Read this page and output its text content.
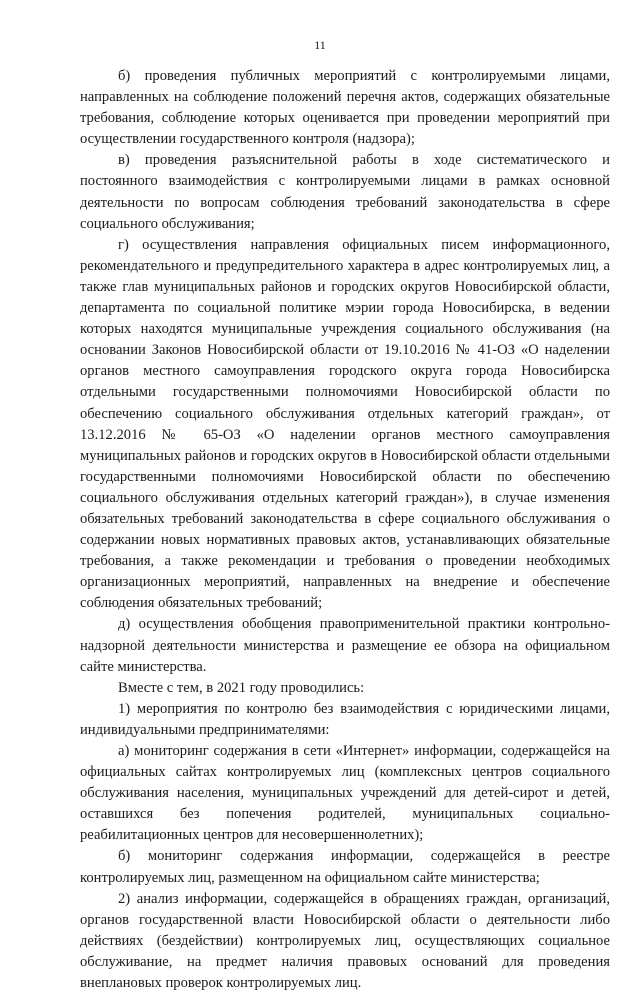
11

б) проведения публичных мероприятий с контролируемыми лицами, направленных на соблюдение положений перечня актов, содержащих обязательные требования, соблюдение которых оценивается при проведении мероприятий при осуществлении государственного контроля (надзора);

в) проведения разъяснительной работы в ходе систематического и постоянного взаимодействия с контролируемыми лицами в рамках основной деятельности по вопросам соблюдения требований законодательства в сфере социального обслуживания;

г) осуществления направления официальных писем информационного, рекомендательного и предупредительного характера в адрес контролируемых лиц, а также глав муниципальных районов и городских округов Новосибирской области, департамента по социальной политике мэрии города Новосибирска, в ведении которых находятся муниципальные учреждения социального обслуживания (на основании Законов Новосибирской области от 19.10.2016 № 41-ОЗ «О наделении органов местного самоуправления городского округа города Новосибирска отдельными государственными полномочиями Новосибирской области по обеспечению социального обслуживания отдельных категорий граждан», от 13.12.2016 № 65-ОЗ «О наделении органов местного самоуправления муниципальных районов и городских округов в Новосибирской области отдельными государственными полномочиями Новосибирской области по обеспечению социального обслуживания отдельных категорий граждан»), в случае изменения обязательных требований законодательства в сфере социального обслуживания о содержании новых нормативных правовых актов, устанавливающих обязательные требования, а также рекомендации и требования о проведении необходимых организационных мероприятий, направленных на внедрение и обеспечение соблюдения обязательных требований;

д) осуществления обобщения правоприменительной практики контрольно-надзорной деятельности министерства и размещение ее обзора на официальном сайте министерства.

Вместе с тем, в 2021 году проводились:

1) мероприятия по контролю без взаимодействия с юридическими лицами, индивидуальными предпринимателями:

а) мониторинг содержания в сети «Интернет» информации, содержащейся на официальных сайтах контролируемых лиц (комплексных центров социального обслуживания населения, муниципальных учреждений для детей-сирот и детей, оставшихся без попечения родителей, муниципальных социально-реабилитационных центров для несовершеннолетних);

б) мониторинг содержания информации, содержащейся в реестре контролируемых лиц, размещенном на официальном сайте министерства;

2) анализ информации, содержащейся в обращениях граждан, организаций, органов государственной власти Новосибирской области о деятельности либо действиях (бездействии) контролируемых лиц, осуществляющих социальное обслуживание, на предмет наличия правовых оснований для проведения внеплановых проверок контролируемых лиц.
